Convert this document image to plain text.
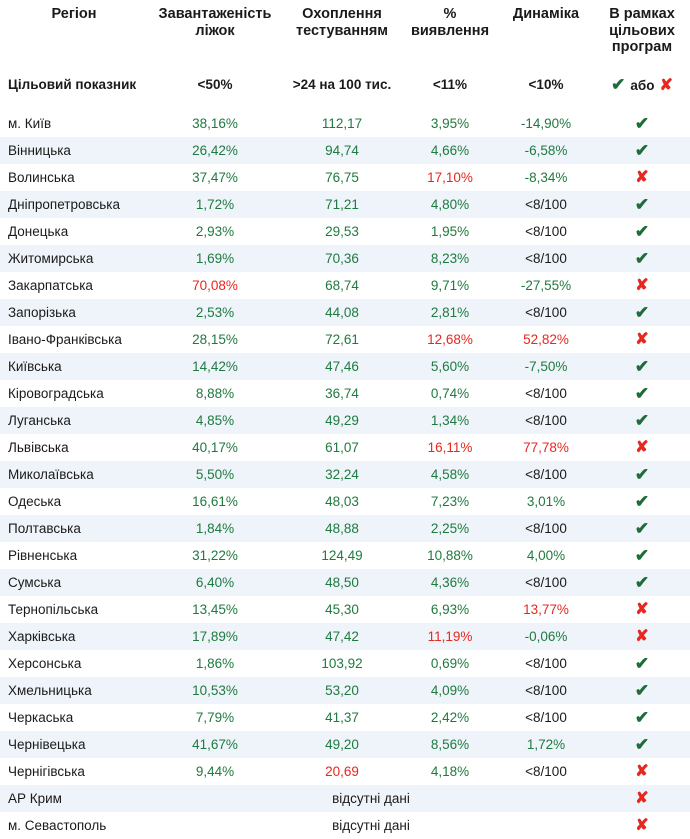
Регіон	Завантаженість ліжок	Охоплення тестуванням	% виявлення	Динаміка	В рамках цільових програм
Цільовий показник	<50%	>24 на 100 тис.	<11%	<10%	✔ або ✘

м. Київ	38,16%	112,17	3,95%	-14,90%	✔
Вінницька	26,42%	94,74	4,66%	-6,58%	✔
Волинська	37,47%	76,75	17,10%	-8,34%	✘
Дніпропетровська	1,72%	71,21	4,80%	<8/100	✔
Донецька	2,93%	29,53	1,95%	<8/100	✔
Житомирська	1,69%	70,36	8,23%	<8/100	✔
Закарпатська	70,08%	68,74	9,71%	-27,55%	✘
Запорізька	2,53%	44,08	2,81%	<8/100	✔
Івано-Франківська	28,15%	72,61	12,68%	52,82%	✘
Київська	14,42%	47,46	5,60%	-7,50%	✔
Кіровоградська	8,88%	36,74	0,74%	<8/100	✔
Луганська	4,85%	49,29	1,34%	<8/100	✔
Львівська	40,17%	61,07	16,11%	77,78%	✘
Миколаївська	5,50%	32,24	4,58%	<8/100	✔
Одеська	16,61%	48,03	7,23%	3,01%	✔
Полтавська	1,84%	48,88	2,25%	<8/100	✔
Рівненська	31,22%	124,49	10,88%	4,00%	✔
Сумська	6,40%	48,50	4,36%	<8/100	✔
Тернопільська	13,45%	45,30	6,93%	13,77%	✘
Харківська	17,89%	47,42	11,19%	-0,06%	✘
Херсонська	1,86%	103,92	0,69%	<8/100	✔
Хмельницька	10,53%	53,20	4,09%	<8/100	✔
Черкаська	7,79%	41,37	2,42%	<8/100	✔
Чернівецька	41,67%	49,20	8,56%	1,72%	✔
Чернігівська	9,44%	20,69	4,18%	<8/100	✘
АР Крим	відсутні дані				✘
м. Севастополь	відсутні дані				✘
